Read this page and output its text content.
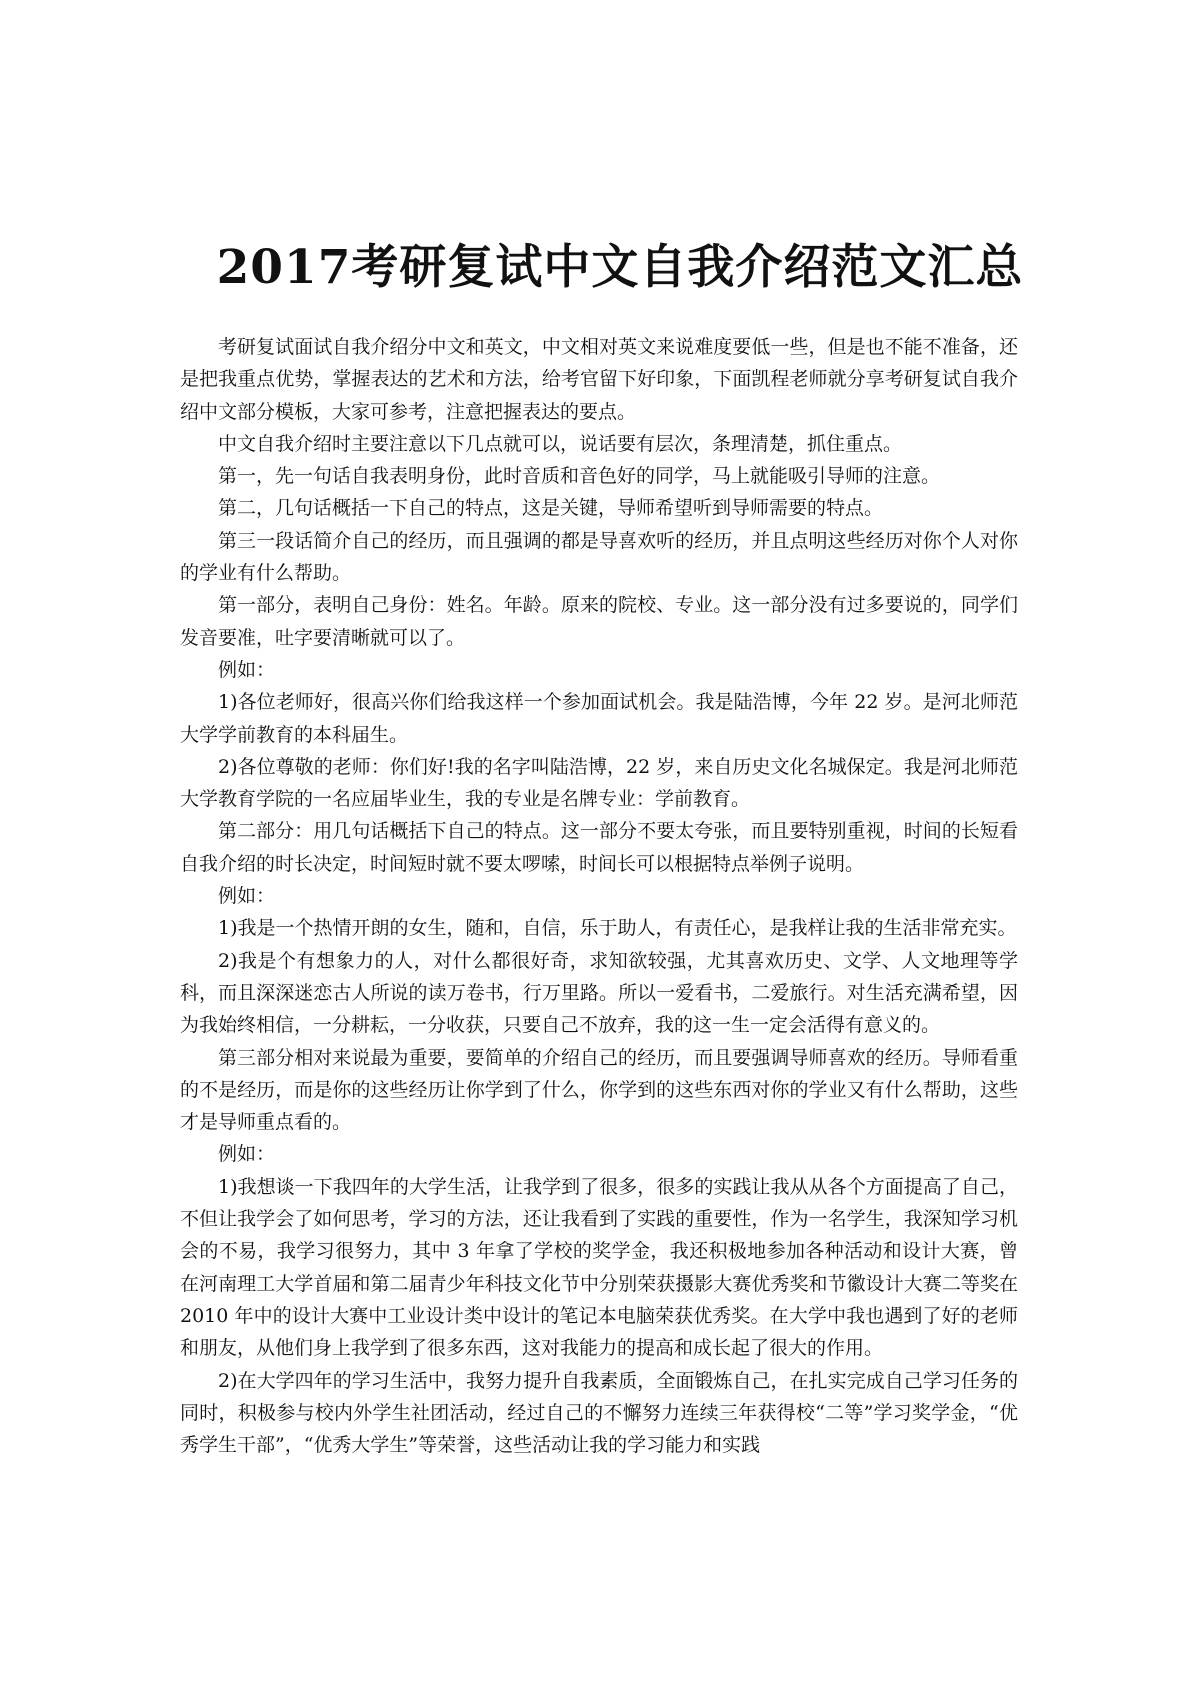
2017考研复试中文自我介绍范文汇总

考研复试面试自我介绍分中文和英文，中文相对英文来说难度要低一些，但是也不能不准备，还是把我重点优势，掌握表达的艺术和方法，给考官留下好印象，下面凯程老师就分享考研复试自我介绍中文部分模板，大家可参考，注意把握表达的要点。

中文自我介绍时主要注意以下几点就可以，说话要有层次，条理清楚，抓住重点。

第一，先一句话自我表明身份，此时音质和音色好的同学，马上就能吸引导师的注意。

第二，几句话概括一下自己的特点，这是关键，导师希望听到导师需要的特点。

第三一段话简介自己的经历，而且强调的都是导喜欢听的经历，并且点明这些经历对你个人对你的学业有什么帮助。

第一部分，表明自己身份：姓名。年龄。原来的院校、专业。这一部分没有过多要说的，同学们发音要准，吐字要清晰就可以了。

例如：

1)各位老师好，很高兴你们给我这样一个参加面试机会。我是陆浩博，今年 22 岁。是河北师范大学学前教育的本科届生。

2)各位尊敬的老师：你们好!我的名字叫陆浩博，22 岁，来自历史文化名城保定。我是河北师范大学教育学院的一名应届毕业生，我的专业是名牌专业：学前教育。

第二部分：用几句话概括下自己的特点。这一部分不要太夸张，而且要特别重视，时间的长短看自我介绍的时长决定，时间短时就不要太啰嗦，时间长可以根据特点举例子说明。

例如：

1)我是一个热情开朗的女生，随和，自信，乐于助人，有责任心，是我样让我的生活非常充实。

2)我是个有想象力的人，对什么都很好奇，求知欲较强，尤其喜欢历史、文学、人文地理等学科，而且深深迷恋古人所说的读万卷书，行万里路。所以一爱看书，二爱旅行。对生活充满希望，因为我始终相信，一分耕耘，一分收获，只要自己不放弃，我的这一生一定会活得有意义的。

第三部分相对来说最为重要，要简单的介绍自己的经历，而且要强调导师喜欢的经历。导师看重的不是经历，而是你的这些经历让你学到了什么，你学到的这些东西对你的学业又有什么帮助，这些才是导师重点看的。

例如：

1)我想谈一下我四年的大学生活，让我学到了很多，很多的实践让我从从各个方面提高了自己，不但让我学会了如何思考，学习的方法，还让我看到了实践的重要性，作为一名学生，我深知学习机会的不易，我学习很努力，其中 3 年拿了学校的奖学金，我还积极地参加各种活动和设计大赛，曾在河南理工大学首届和第二届青少年科技文化节中分别荣获摄影大赛优秀奖和节徽设计大赛二等奖在 2010 年中的设计大赛中工业设计类中设计的笔记本电脑荣获优秀奖。在大学中我也遇到了好的老师和朋友，从他们身上我学到了很多东西，这对我能力的提高和成长起了很大的作用。

2)在大学四年的学习生活中，我努力提升自我素质，全面锻炼自己，在扎实完成自己学习任务的同时，积极参与校内外学生社团活动，经过自己的不懈努力连续三年获得校“二等”学习奖学金，“优秀学生干部”，“优秀大学生”等荣誉，这些活动让我的学习能力和实践
